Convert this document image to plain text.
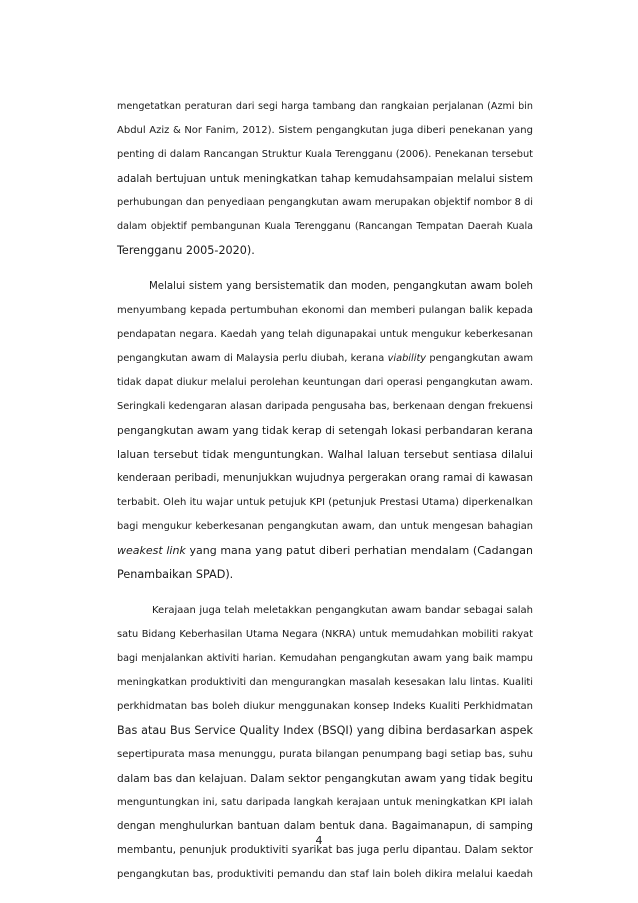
mengetatkan peraturan dari segi harga tambang dan rangkaian perjalanan (Azmi bin
Abdul Aziz & Nor Fanim, 2012). Sistem pengangkutan juga diberi penekanan yang
penting di dalam Rancangan Struktur Kuala Terengganu (2006). Penekanan tersebut
adalah bertujuan untuk meningkatkan tahap kemudahsampaian melalui sistem
perhubungan dan penyediaan pengangkutan awam merupakan objektif nombor 8 di
dalam objektif pembangunan Kuala Terengganu (Rancangan Tempatan Daerah Kuala
Terengganu 2005-2020).
Melalui sistem yang bersistematik dan moden, pengangkutan awam boleh
menyumbang kepada pertumbuhan ekonomi dan memberi pulangan balik kepada
pendapatan negara. Kaedah yang telah digunapakai untuk mengukur keberkesanan
pengangkutan awam di Malaysia perlu diubah, kerana viability pengangkutan awam
tidak dapat diukur melalui perolehan keuntungan dari operasi pengangkutan awam.
Seringkali kedengaran alasan daripada pengusaha bas, berkenaan dengan frekuensi
pengangkutan awam yang tidak kerap di setengah lokasi perbandaran kerana
laluan tersebut tidak menguntungkan. Walhal laluan tersebut sentiasa dilalui
kenderaan peribadi, menunjukkan wujudnya pergerakan orang ramai di kawasan
terbabit. Oleh itu wajar untuk petujuk KPI (petunjuk Prestasi Utama) diperkenalkan
bagi mengukur keberkesanan pengangkutan awam, dan untuk mengesan bahagian
weakest link yang mana yang patut diberi perhatian mendalam (Cadangan
Penambaikan SPAD).
Kerajaan juga telah meletakkan pengangkutan awam bandar sebagai salah
satu Bidang Keberhasilan Utama Negara (NKRA) untuk memudahkan mobiliti rakyat
bagi menjalankan aktiviti harian. Kemudahan pengangkutan awam yang baik mampu
meningkatkan produktiviti dan mengurangkan masalah kesesakan lalu lintas. Kualiti
perkhidmatan bas boleh diukur menggunakan konsep Indeks Kualiti Perkhidmatan
Bas atau Bus Service Quality Index (BSQI) yang dibina berdasarkan aspek
sepertipurata masa menunggu, purata bilangan penumpang bagi setiap bas, suhu
dalam bas dan kelajuan. Dalam sektor pengangkutan awam yang tidak begitu
menguntungkan ini, satu daripada langkah kerajaan untuk meningkatkan KPI ialah
dengan menghulurkan bantuan dalam bentuk dana. Bagaimanapun, di samping
membantu, penunjuk produktiviti syarikat bas juga perlu dipantau. Dalam sektor
pengangkutan bas, produktiviti pemandu dan staf lain boleh dikira melalui kaedah
4
